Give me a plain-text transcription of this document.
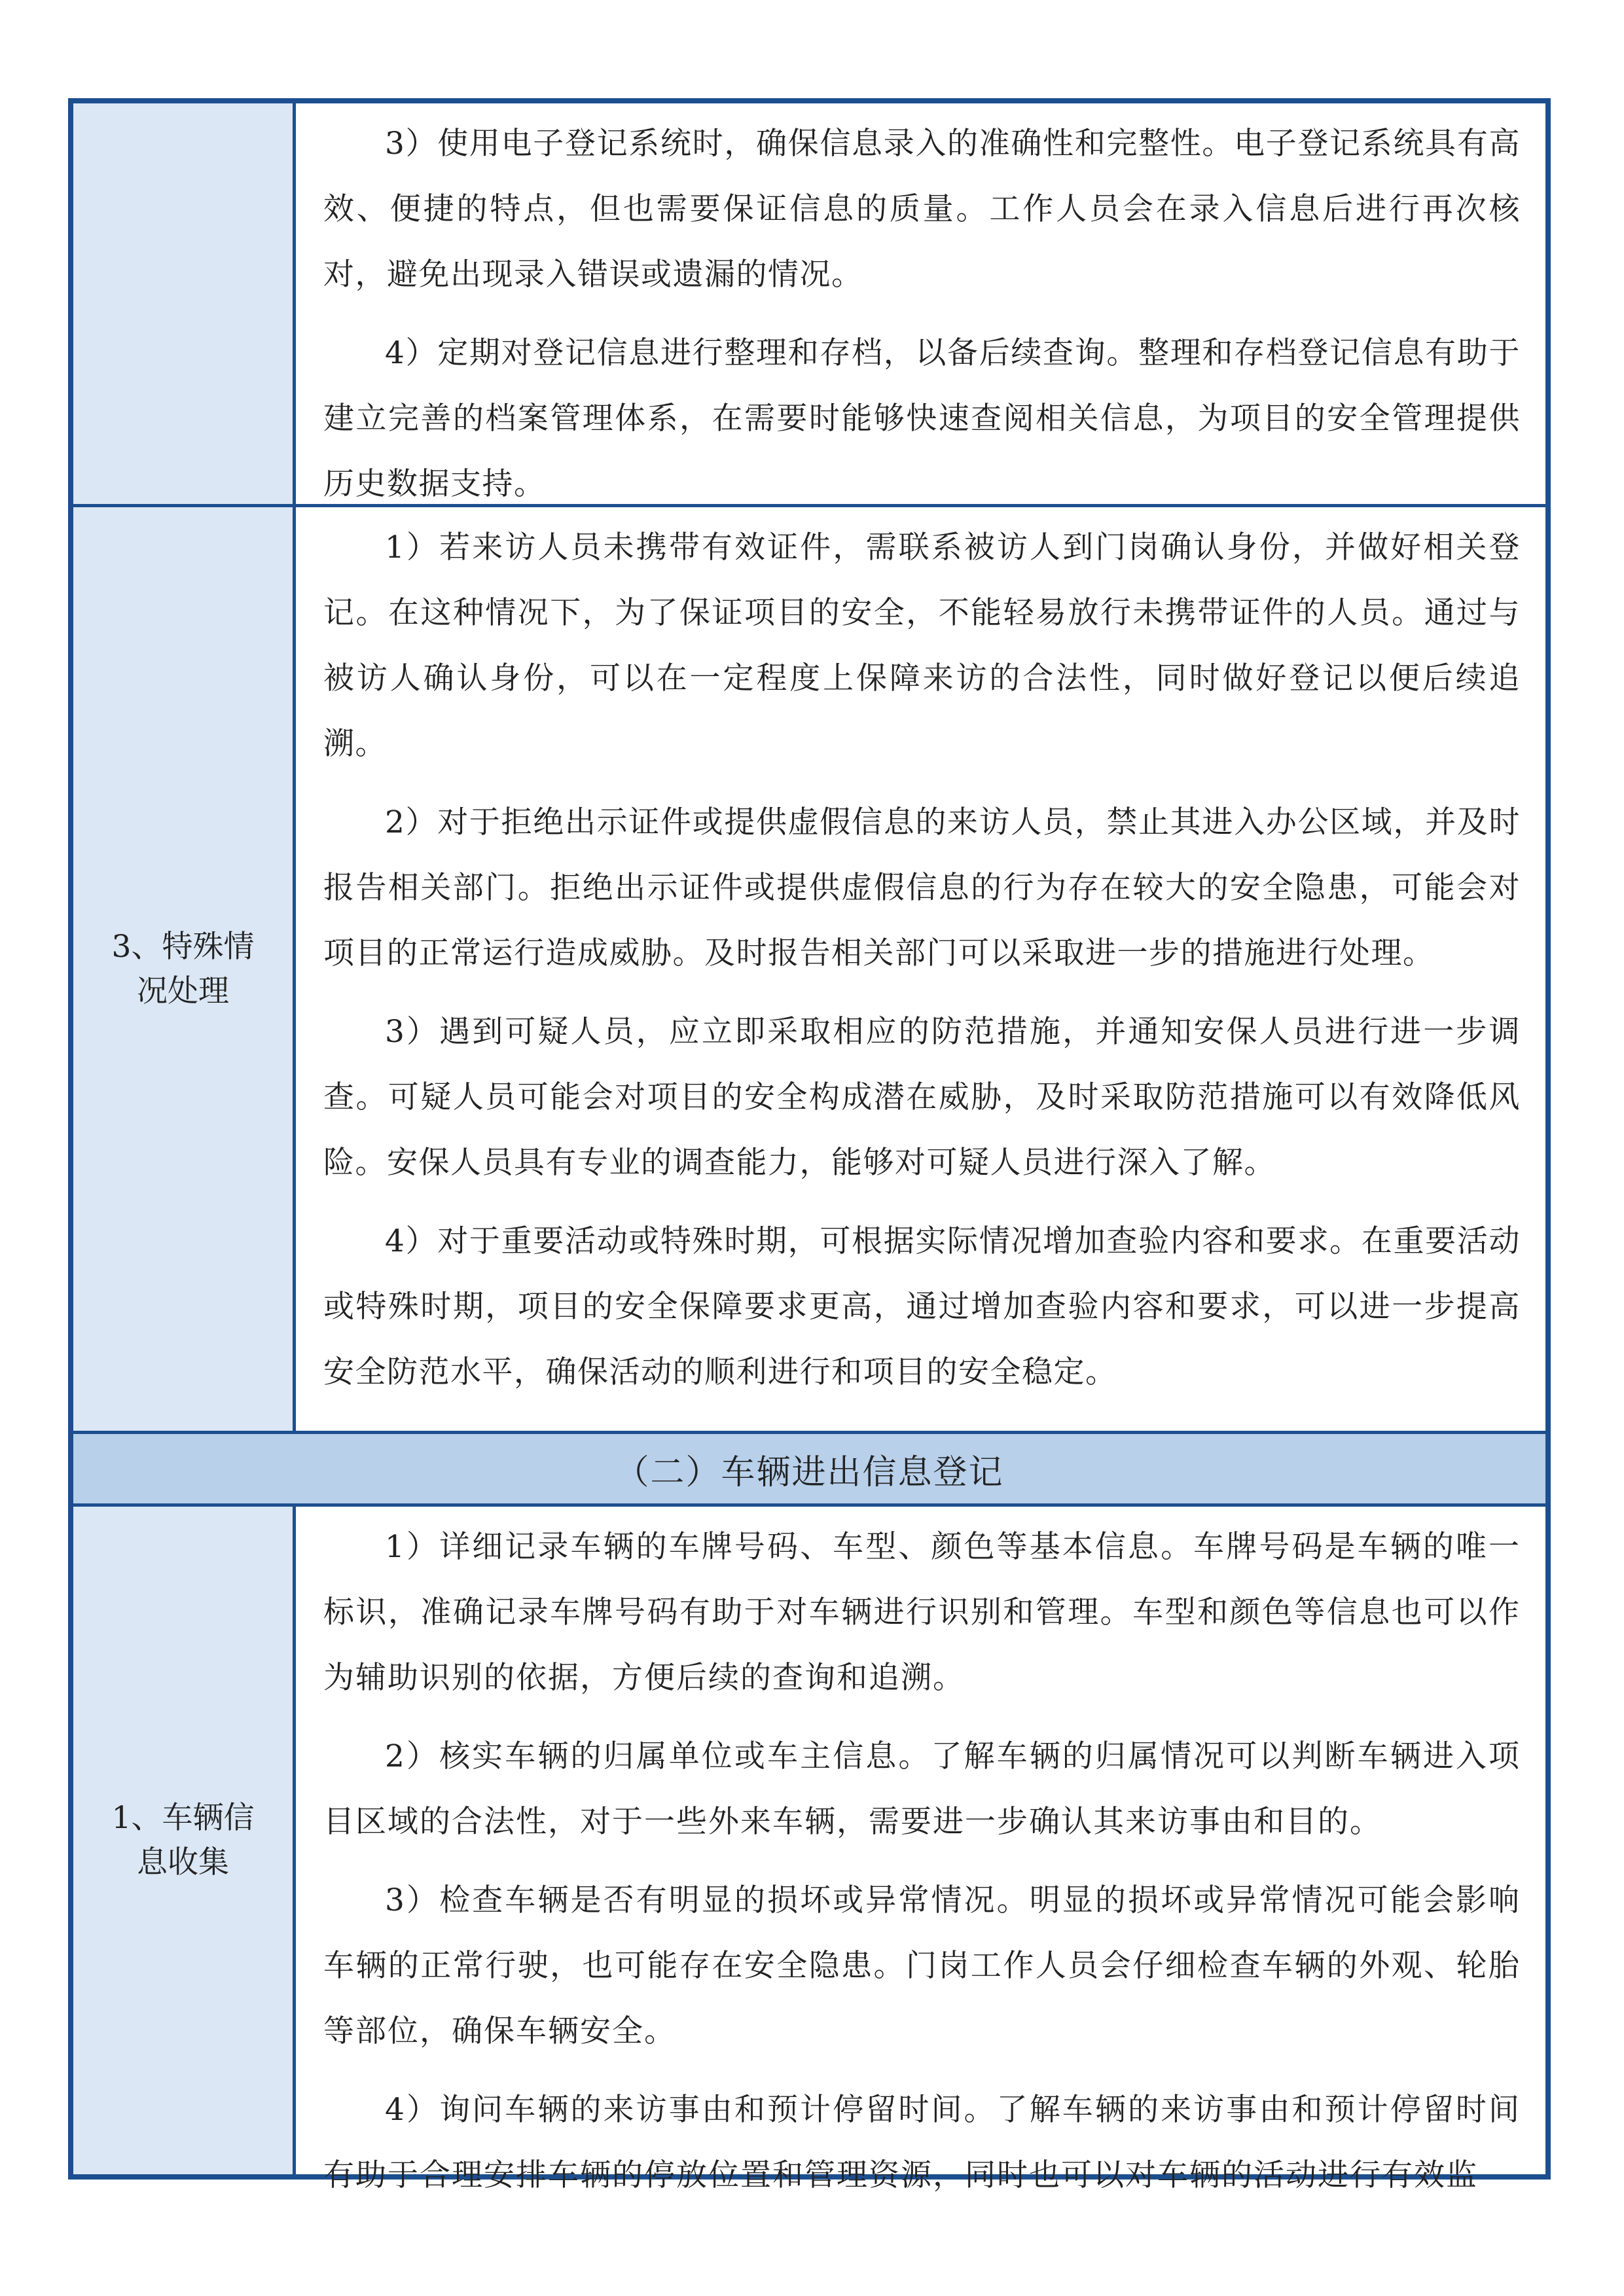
3）使用电子登记系统时，确保信息录入的准确性和完整性。电子登记系统具有高效、便捷的特点，但也需要保证信息的质量。工作人员会在录入信息后进行再次核对，避免出现录入错误或遗漏的情况。

4）定期对登记信息进行整理和存档，以备后续查询。整理和存档登记信息有助于建立完善的档案管理体系，在需要时能够快速查阅相关信息，为项目的安全管理提供历史数据支持。

3、特殊情况处理

1）若来访人员未携带有效证件，需联系被访人到门岗确认身份，并做好相关登记。在这种情况下，为了保证项目的安全，不能轻易放行未携带证件的人员。通过与被访人确认身份，可以在一定程度上保障来访的合法性，同时做好登记以便后续追溯。

2）对于拒绝出示证件或提供虚假信息的来访人员，禁止其进入办公区域，并及时报告相关部门。拒绝出示证件或提供虚假信息的行为存在较大的安全隐患，可能会对项目的正常运行造成威胁。及时报告相关部门可以采取进一步的措施进行处理。

3）遇到可疑人员，应立即采取相应的防范措施，并通知安保人员进行进一步调查。可疑人员可能会对项目的安全构成潜在威胁，及时采取防范措施可以有效降低风险。安保人员具有专业的调查能力，能够对可疑人员进行深入了解。

4）对于重要活动或特殊时期，可根据实际情况增加查验内容和要求。在重要活动或特殊时期，项目的安全保障要求更高，通过增加查验内容和要求，可以进一步提高安全防范水平，确保活动的顺利进行和项目的安全稳定。

（二）车辆进出信息登记
1、车辆信息收集

1）详细记录车辆的车牌号码、车型、颜色等基本信息。车牌号码是车辆的唯一标识，准确记录车牌号码有助于对车辆进行识别和管理。车型和颜色等信息也可以作为辅助识别的依据，方便后续的查询和追溯。

2）核实车辆的归属单位或车主信息。了解车辆的归属情况可以判断车辆进入项目区域的合法性，对于一些外来车辆，需要进一步确认其来访事由和目的。

3）检查车辆是否有明显的损坏或异常情况。明显的损坏或异常情况可能会影响车辆的正常行驶，也可能存在安全隐患。门岗工作人员会仔细检查车辆的外观、轮胎等部位，确保车辆安全。

4）询问车辆的来访事由和预计停留时间。了解车辆的来访事由和预计停留时间有助于合理安排车辆的停放位置和管理资源，同时也可以对车辆的活动进行有效监
